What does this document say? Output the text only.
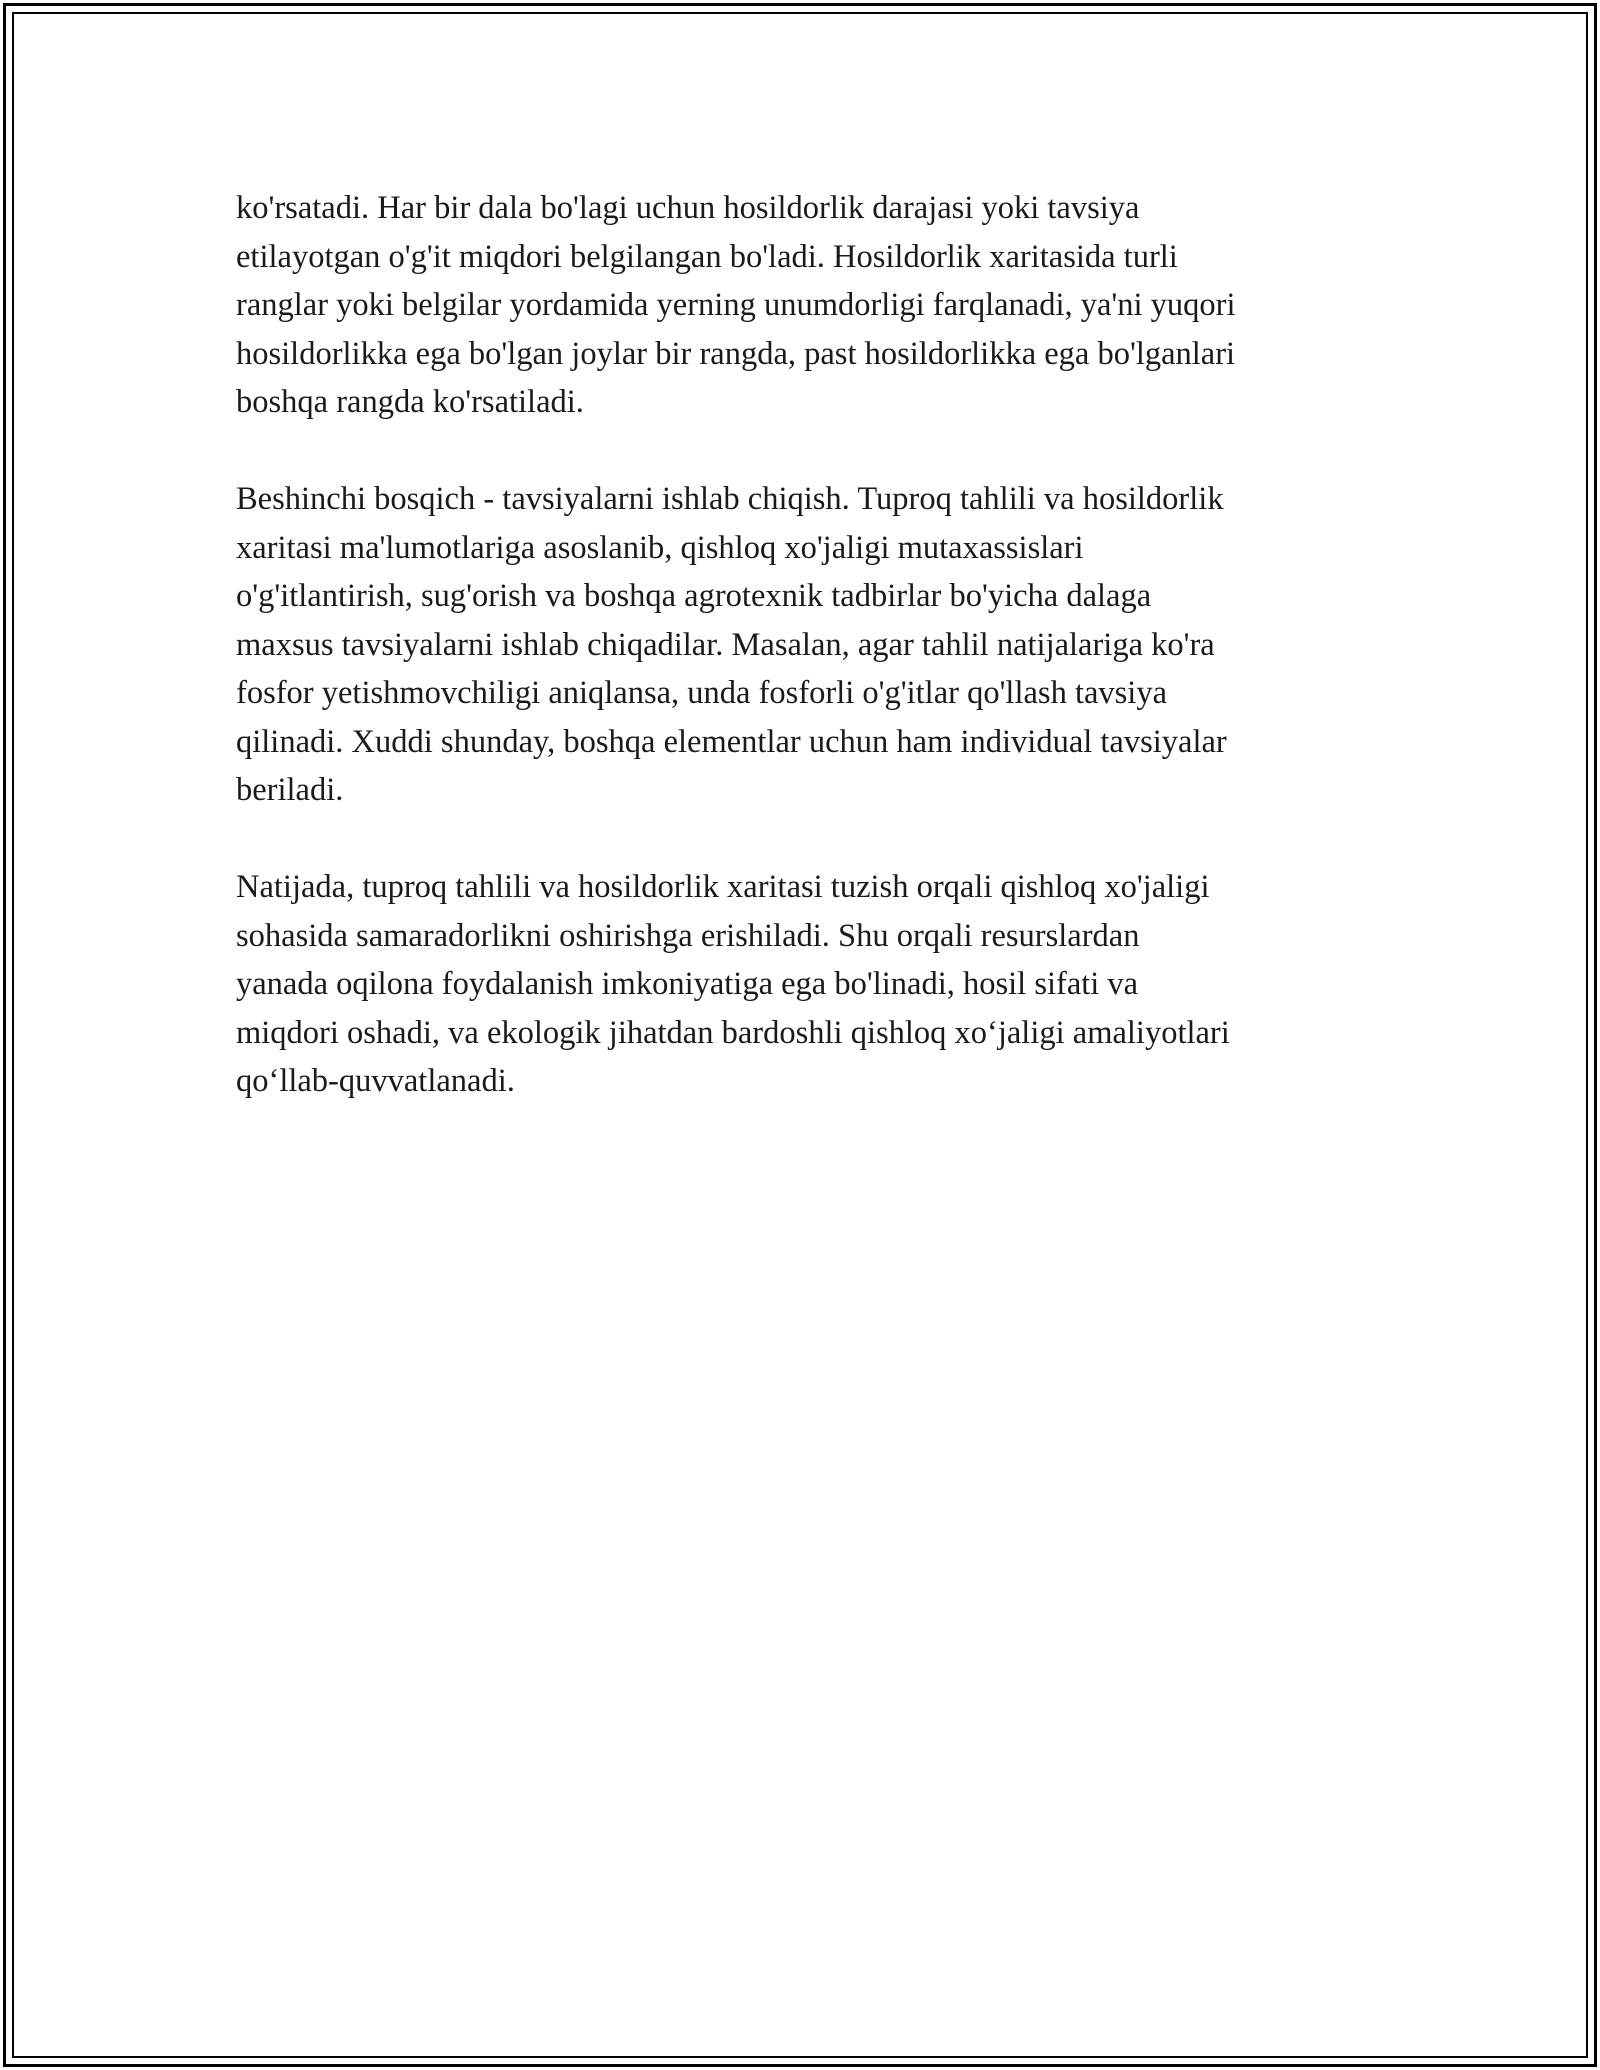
ko'rsatadi. Har bir dala bo'lagi uchun hosildorlik darajasi yoki tavsiya
etilayotgan o'g'it miqdori belgilangan bo'ladi. Hosildorlik xaritasida turli
ranglar yoki belgilar yordamida yerning unumdorligi farqlanadi, ya'ni yuqori
hosildorlikka ega bo'lgan joylar bir rangda, past hosildorlikka ega bo'lganlari
boshqa rangda ko'rsatiladi.

Beshinchi bosqich - tavsiyalarni ishlab chiqish. Tuproq tahlili va hosildorlik
xaritasi ma'lumotlariga asoslanib, qishloq xo'jaligi mutaxassislari
o'g'itlantirish, sug'orish va boshqa agrotexnik tadbirlar bo'yicha dalaga
maxsus tavsiyalarni ishlab chiqadilar. Masalan, agar tahlil natijalariga ko'ra
fosfor yetishmovchiligi aniqlansa, unda fosforli o'g'itlar qo'llash tavsiya
qilinadi. Xuddi shunday, boshqa elementlar uchun ham individual tavsiyalar
beriladi.

Natijada, tuproq tahlili va hosildorlik xaritasi tuzish orqali qishloq xo'jaligi
sohasida samaradorlikni oshirishga erishiladi. Shu orqali resurslardan
yanada oqilona foydalanish imkoniyatiga ega bo'linadi, hosil sifati va
miqdori oshadi, va ekologik jihatdan bardoshli qishloq xo‘jaligi amaliyotlari
qo‘llab-quvvatlanadi.
